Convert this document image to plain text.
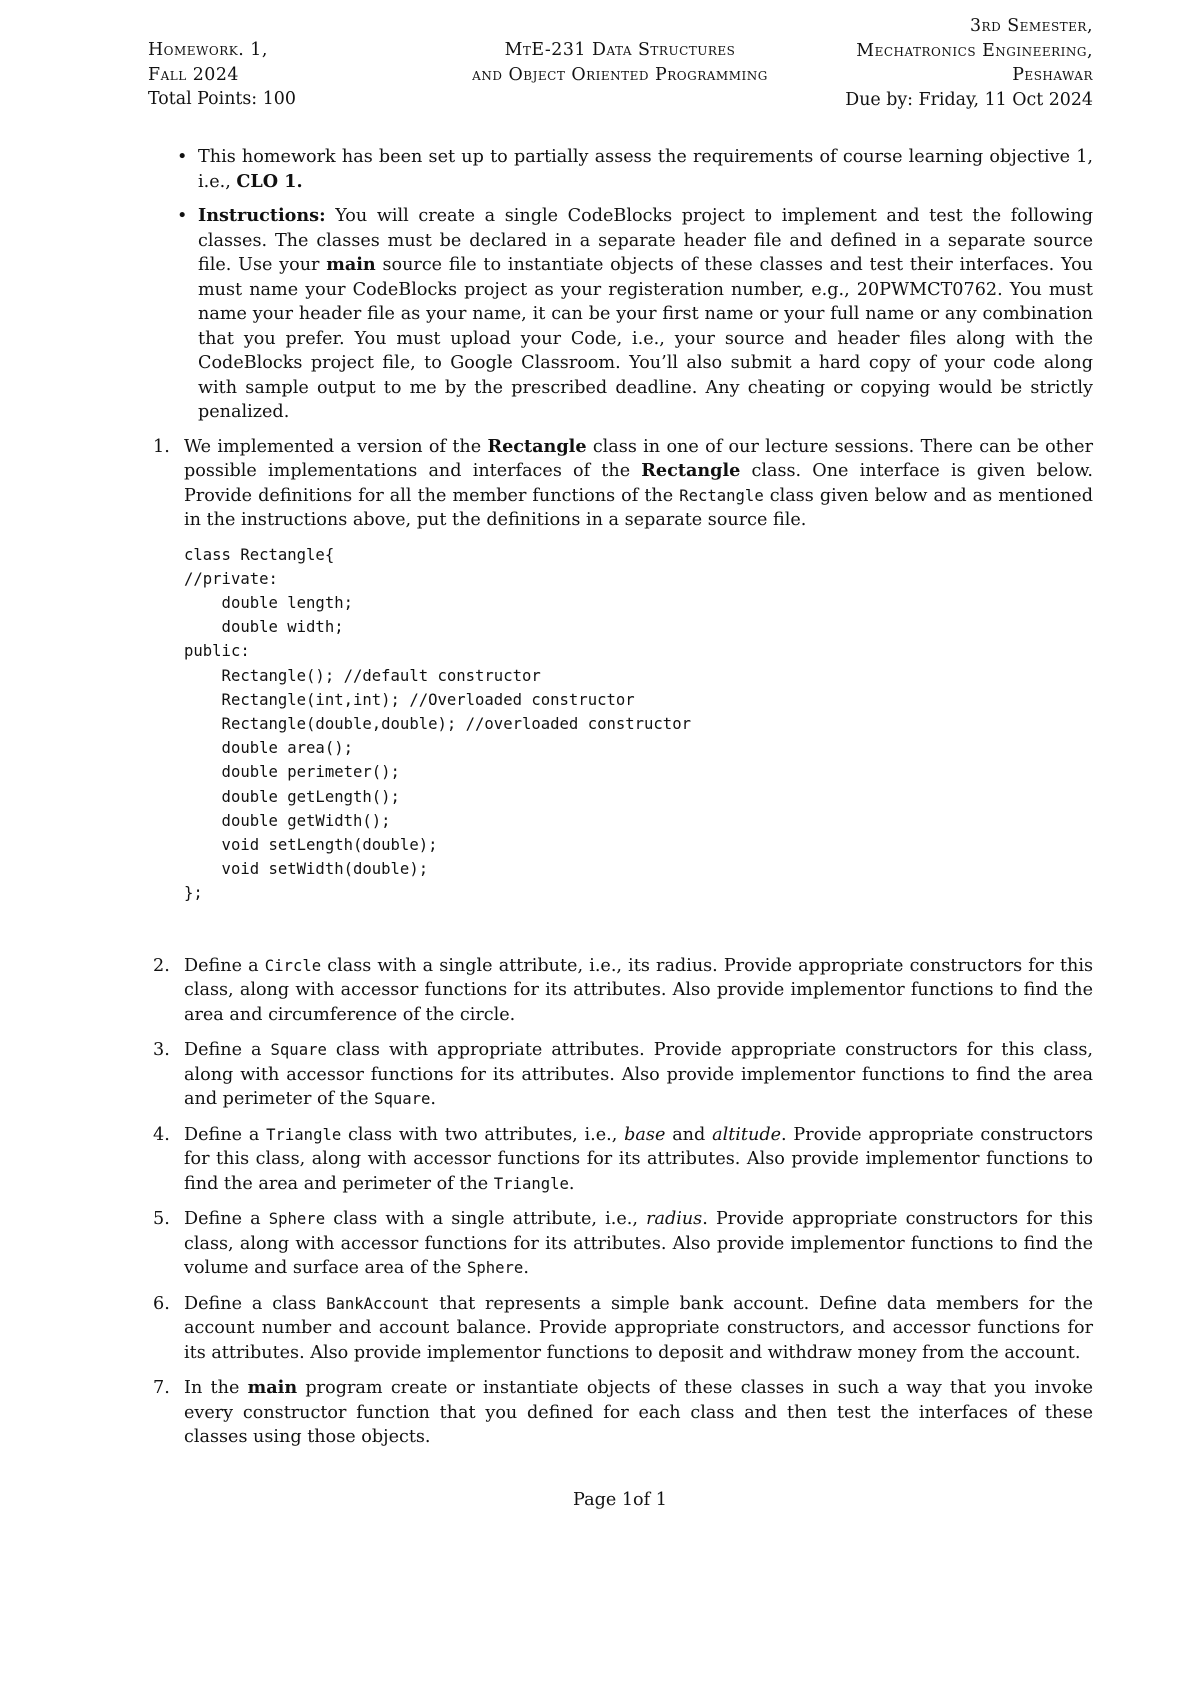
Homework. 1,
Fall 2024
Total Points: 100
MtE-231 Data Structures
and Object Oriented Programming
3rd Semester,
Mechatronics Engineering,
Peshawar
Due by: Friday, 11 Oct 2024
• This homework has been set up to partially assess the requirements of course learning objective 1, i.e., CLO 1.
• Instructions: You will create a single CodeBlocks project to implement and test the following classes. The classes must be declared in a separate header file and defined in a separate source file. Use your main source file to instantiate objects of these classes and test their interfaces. You must name your CodeBlocks project as your registeration number, e.g., 20PWMCT0762. You must name your header file as your name, it can be your first name or your full name or any combination that you prefer. You must upload your Code, i.e., your source and header files along with the CodeBlocks project file, to Google Classroom. You’ll also submit a hard copy of your code along with sample output to me by the prescribed deadline. Any cheating or copying would be strictly penalized.
1. We implemented a version of the Rectangle class in one of our lecture sessions. There can be other possible implementations and interfaces of the Rectangle class. One interface is given below. Provide definitions for all the member functions of the Rectangle class given below and as mentioned in the instructions above, put the definitions in a separate source file.
class Rectangle{
//private:
double length;
double width;
public:
Rectangle(); //default constructor
Rectangle(int,int); //Overloaded constructor
Rectangle(double,double); //overloaded constructor
double area();
double perimeter();
double getLength();
double getWidth();
void setLength(double);
void setWidth(double);
};
2. Define a Circle class with a single attribute, i.e., its radius. Provide appropriate constructors for this class, along with accessor functions for its attributes. Also provide implementor functions to find the area and circumference of the circle.
3. Define a Square class with appropriate attributes. Provide appropriate constructors for this class, along with accessor functions for its attributes. Also provide implementor functions to find the area and perimeter of the Square.
4. Define a Triangle class with two attributes, i.e., base and altitude. Provide appropriate constructors for this class, along with accessor functions for its attributes. Also provide implementor functions to find the area and perimeter of the Triangle.
5. Define a Sphere class with a single attribute, i.e., radius. Provide appropriate constructors for this class, along with accessor functions for its attributes. Also provide implementor functions to find the volume and surface area of the Sphere.
6. Define a class BankAccount that represents a simple bank account. Define data members for the account number and account balance. Provide appropriate constructors, and accessor functions for its attributes. Also provide implementor functions to deposit and withdraw money from the account.
7. In the main program create or instantiate objects of these classes in such a way that you invoke every constructor function that you defined for each class and then test the interfaces of these classes using those objects.
Page 1of 1
